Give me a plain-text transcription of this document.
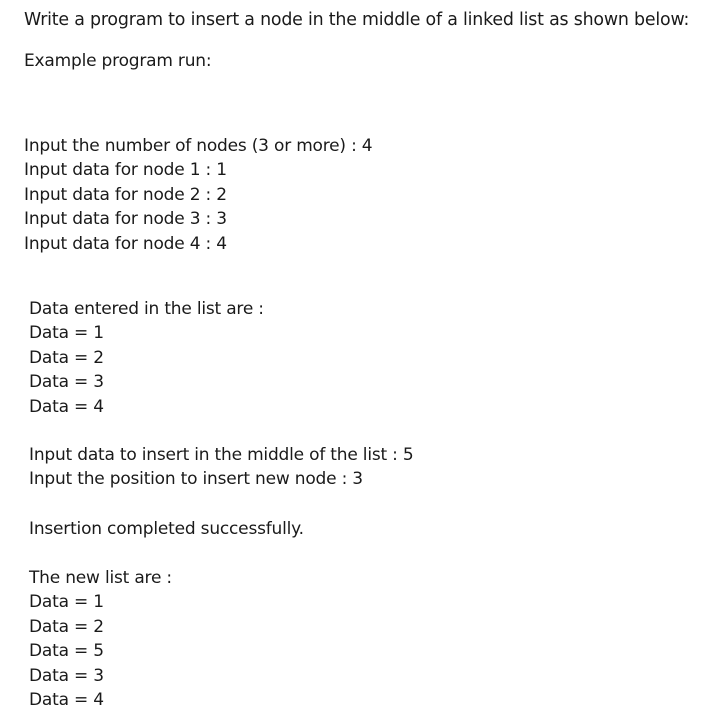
Write a program to insert a node in the middle of a linked list as shown below:
Example program run:
Input the number of nodes (3 or more) : 4
Input data for node 1 : 1
Input data for node 2 : 2
Input data for node 3 : 3
Input data for node 4 : 4
Data entered in the list are :
Data = 1
Data = 2
Data = 3
Data = 4
Input data to insert in the middle of the list : 5
Input the position to insert new node : 3
Insertion completed successfully.
The new list are :
Data = 1
Data = 2
Data = 5
Data = 3
Data = 4
